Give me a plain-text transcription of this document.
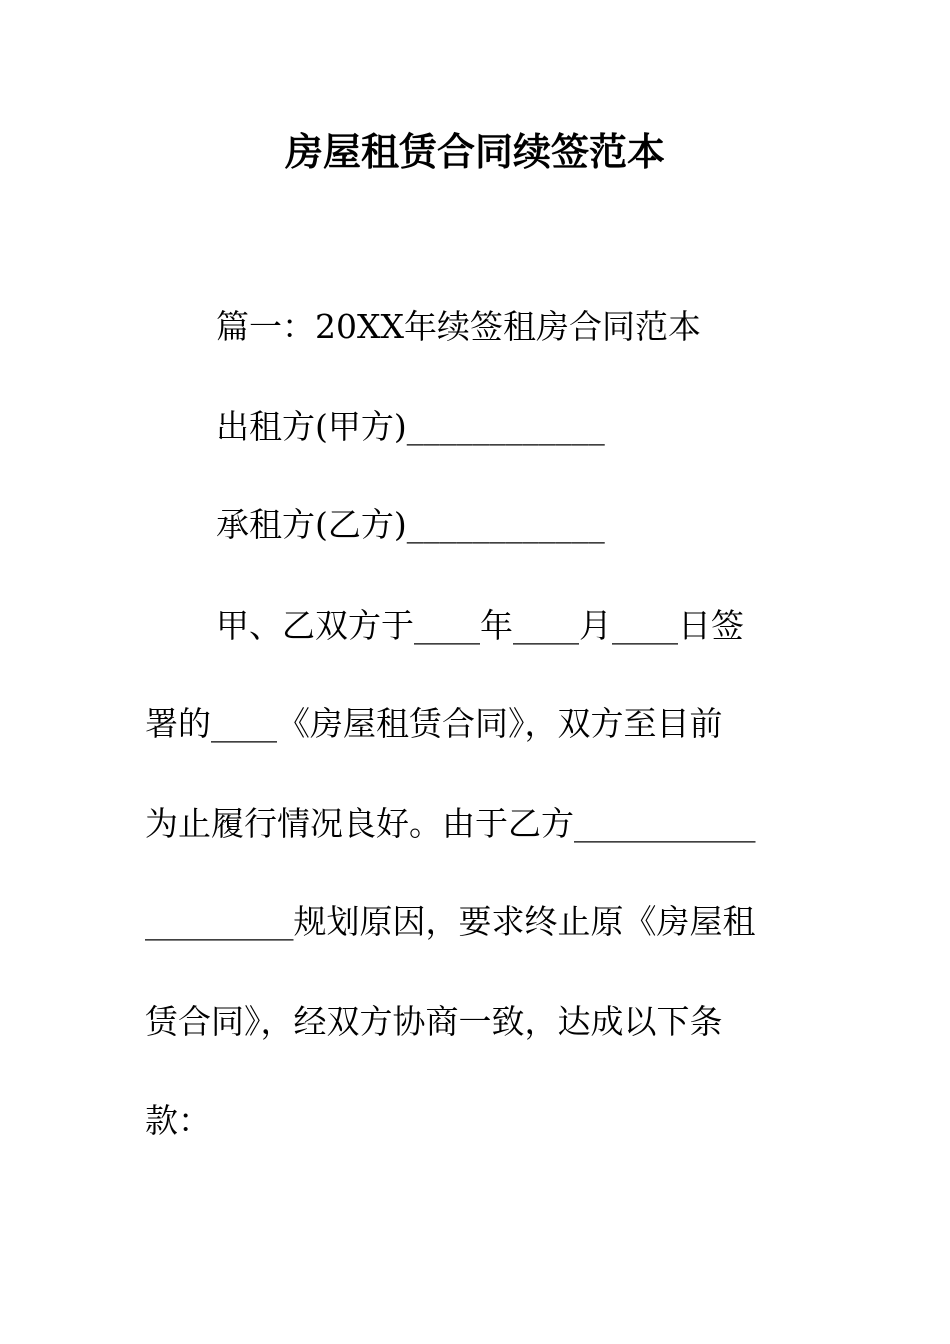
房屋租赁合同续签范本
篇一：20XX年续签租房合同范本
出租方(甲方)____________
承租方(乙方)____________
甲、乙双方于____年____月____日签
署的____《房屋租赁合同》，双方至目前
为止履行情况良好。由于乙方___________
_________规划原因，要求终止原《房屋租
赁合同》，经双方协商一致，达成以下条
款：
